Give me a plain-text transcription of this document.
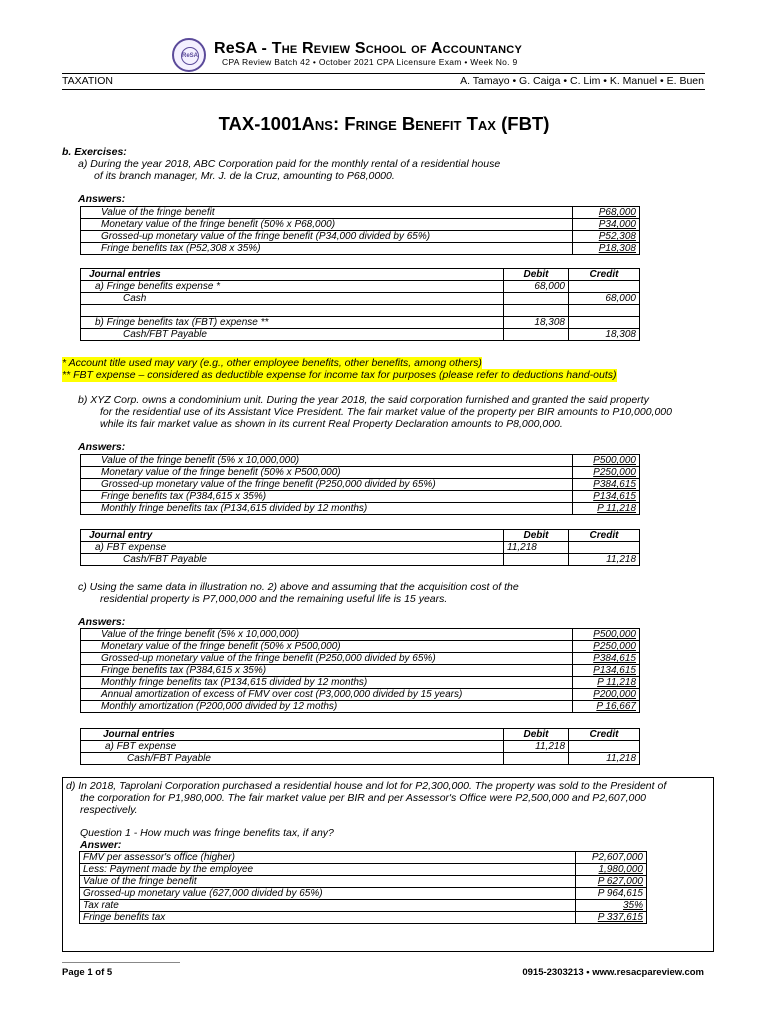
ReSA ReSA - The Review School of Accountancy
CPA Review Batch 42 • October 2021 CPA Licensure Exam • Week No. 9
TAXATION	A. Tamayo • G. Caiga • C. Lim • K. Manuel • E. Buen
TAX-1001Ans: Fringe Benefit Tax (FBT)
b. Exercises:
a) During the year 2018, ABC Corporation paid for the monthly rental of a residential house
of its branch manager, Mr. J. de la Cruz, amounting to P68,0000.
Answers:
Value of the fringe benefit	P68,000
Monetary value of the fringe benefit (50% x P68,000)	P34,000
Grossed-up monetary value of the fringe benefit (P34,000 divided by 65%)	P52,308
Fringe benefits tax (P52,308 x 35%)	P18,308
Journal entries	Debit	Credit
a) Fringe benefits expense *	68,000	
Cash		68,000

b) Fringe benefits tax (FBT) expense **	18,308	
Cash/FBT Payable		18,308
* Account title used may vary (e.g., other employee benefits, other benefits, among others)
** FBT expense – considered as deductible expense for income tax for purposes (please refer to deductions hand-outs)
b) XYZ Corp. owns a condominium unit. During the year 2018, the said corporation furnished and granted the said property
for the residential use of its Assistant Vice President. The fair market value of the property per BIR amounts to P10,000,000
while its fair market value as shown in its current Real Property Declaration amounts to P8,000,000.
Answers:
Value of the fringe benefit (5% x 10,000,000)	P500,000
Monetary value of the fringe benefit (50% x P500,000)	P250,000
Grossed-up monetary value of the fringe benefit (P250,000 divided by 65%)	P384,615
Fringe benefits tax (P384,615 x 35%)	P134,615
Monthly fringe benefits tax (P134,615 divided by 12 months)	P 11,218
Journal entry	Debit	Credit
a) FBT expense	11,218	
Cash/FBT Payable		11,218
c) Using the same data in illustration no. 2) above and assuming that the acquisition cost of the
residential property is P7,000,000 and the remaining useful life is 15 years.
Answers:
Value of the fringe benefit (5% x 10,000,000)	P500,000
Monetary value of the fringe benefit (50% x P500,000)	P250,000
Grossed-up monetary value of the fringe benefit (P250,000 divided by 65%)	P384,615
Fringe benefits tax (P384,615 x 35%)	P134,615
Monthly fringe benefits tax (P134,615 divided by 12 months)	P 11,218
Annual amortization of excess of FMV over cost (P3,000,000 divided by 15 years)	P200,000
Monthly amortization (P200,000 divided by 12 moths)	P 16,667
Journal entries	Debit	Credit
a) FBT expense	11,218	
Cash/FBT Payable		11,218
d) In 2018, Taprolani Corporation purchased a residential house and lot for P2,300,000. The property was sold to the President of
the corporation for P1,980,000. The fair market value per BIR and per Assessor's Office were P2,500,000 and P2,607,000
respectively.
Question 1 - How much was fringe benefits tax, if any?
Answer:
FMV per assessor's office (higher)	P2,607,000
Less: Payment made by the employee	1,980,000
Value of the fringe benefit	P 627,000
Grossed-up monetary value (627,000 divided by 65%)	P 964,615
Tax rate	35%
Fringe benefits tax	P 337,615
Page 1 of 5	0915-2303213 • www.resacpareview.com
